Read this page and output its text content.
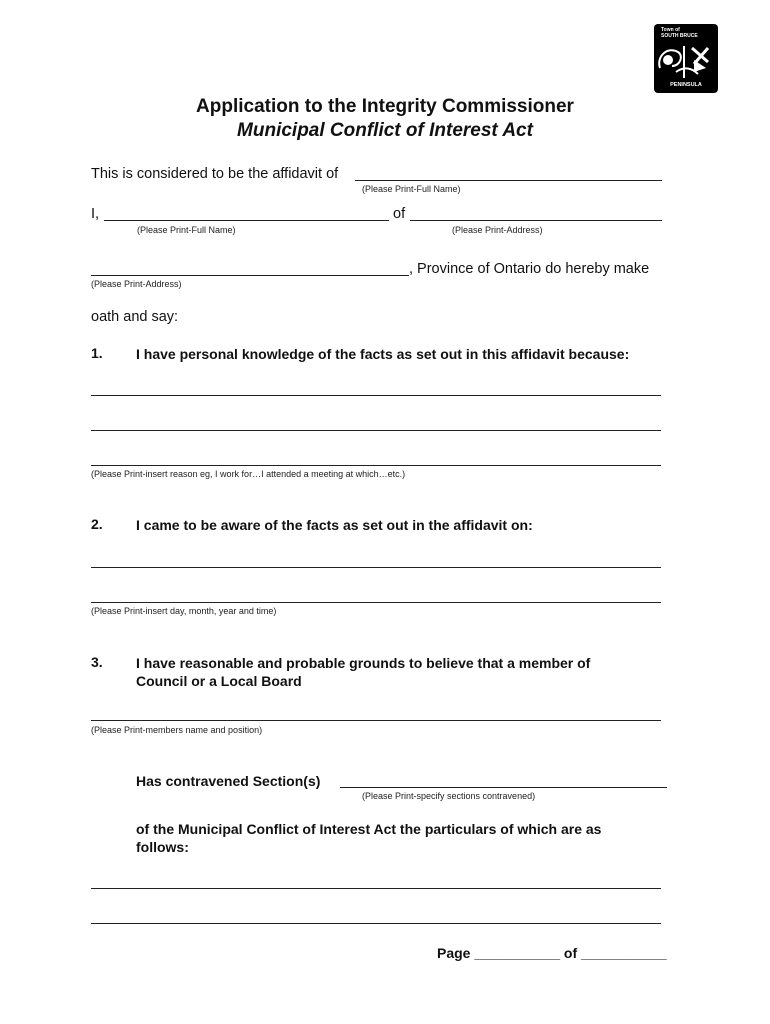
Town of
SOUTH BRUCE
PENINSULA
Application to the Integrity Commissioner
Municipal Conflict of Interest Act
This is considered to be the affidavit of
(Please Print-Full Name)
I,	of
(Please Print-Full Name)	(Please Print-Address)
, Province of Ontario do hereby make
(Please Print-Address)
oath and say:
1. I have personal knowledge of the facts as set out in this affidavit because:
(Please Print-insert reason eg, I work for…I attended a meeting at which…etc.)
2. I came to be aware of the facts as set out in the affidavit on:
(Please Print-insert day, month, year and time)
3. I have reasonable and probable grounds to believe that a member of
Council or a Local Board
(Please Print-members name and position)
Has contravened Section(s)
(Please Print-specify sections contravened)
of the Municipal Conflict of Interest Act the particulars of which are as
follows:
Page ___________ of ___________
